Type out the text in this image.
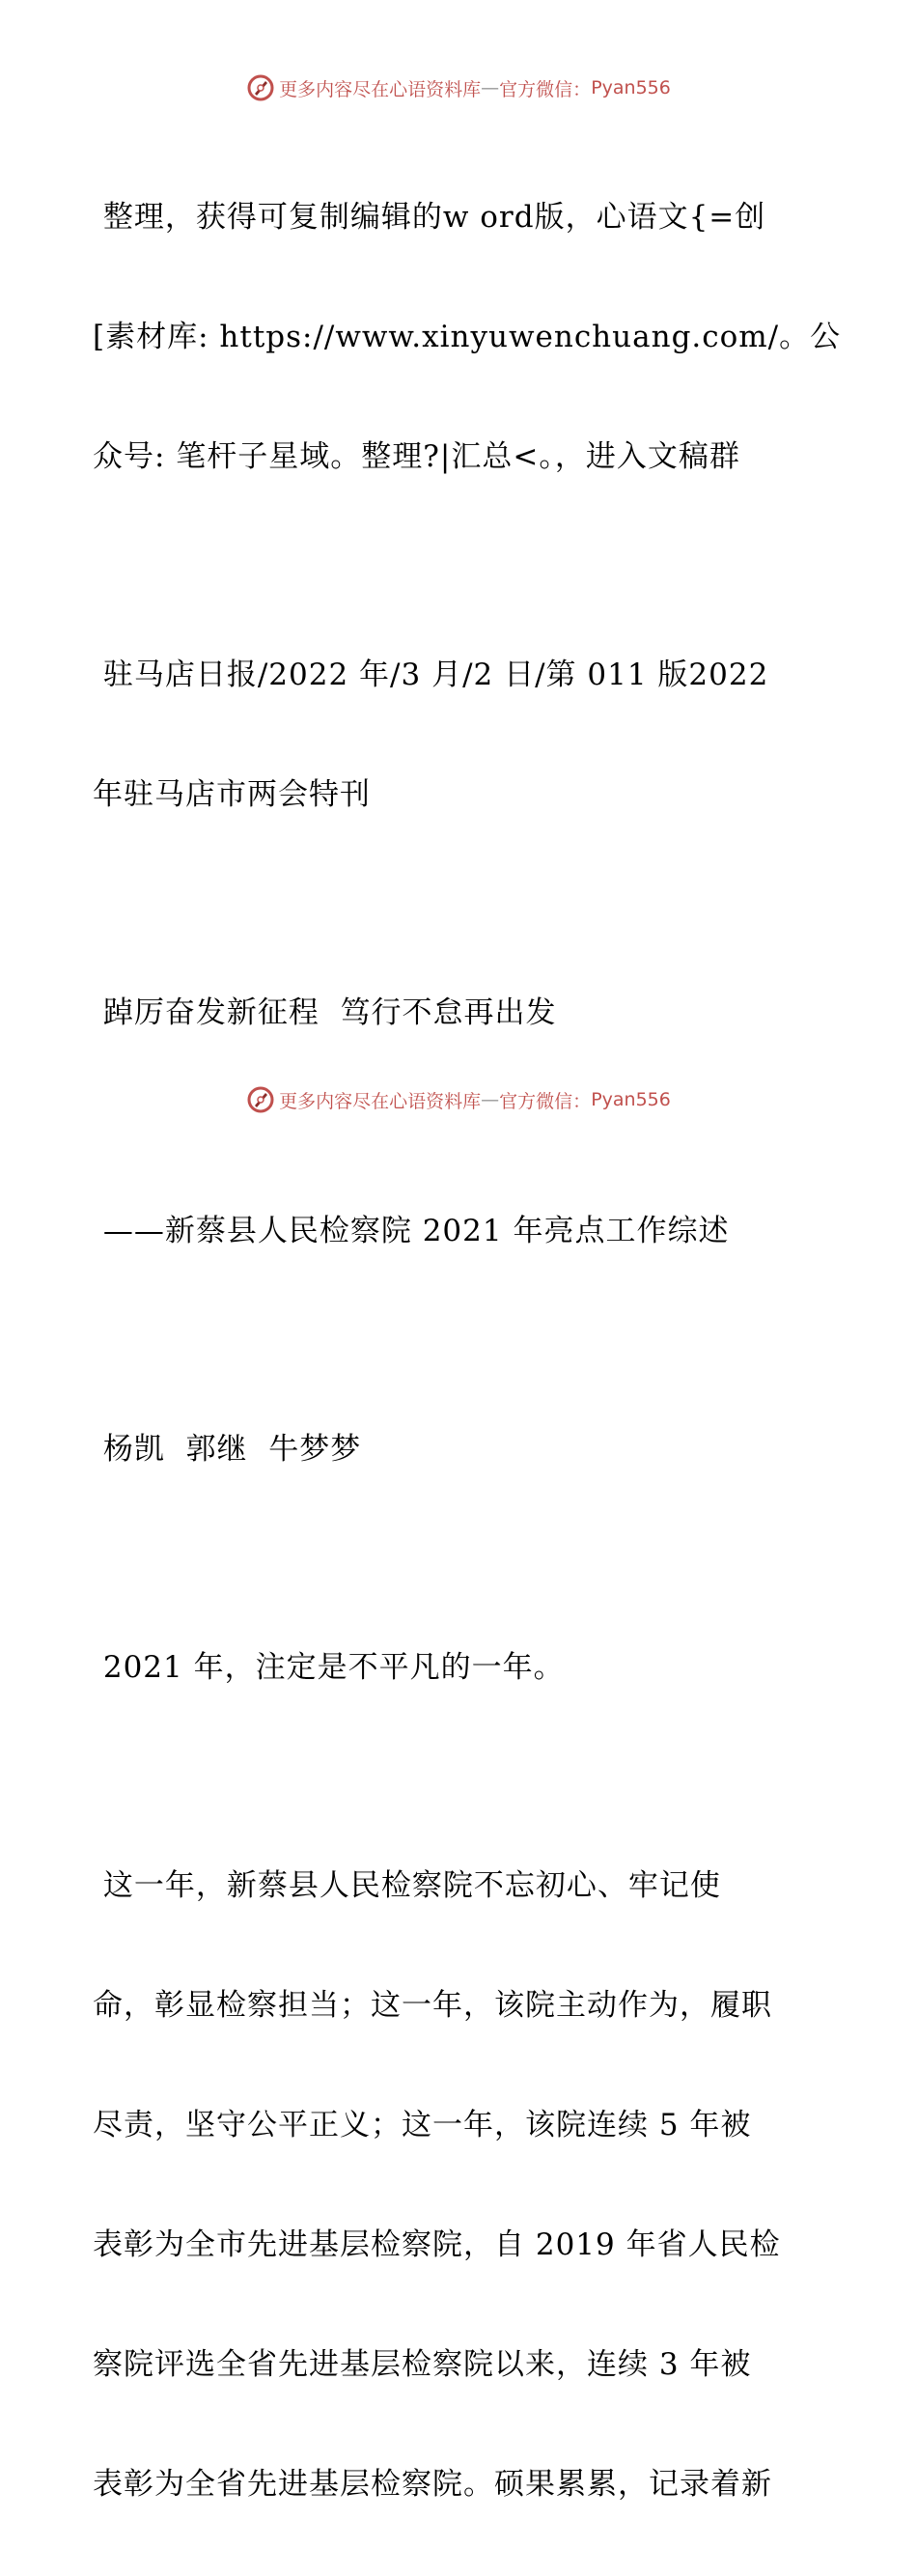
更多内容尽在心语资料库 — 官方微信： Pyan556

整理，获得可复制编辑的w ord版，心语文{=创

[素材库: https://www.xinyuwenchuang.com/。公

众号: 笔杆子星域。整理?|汇总<。，进入文稿群

驻马店日报/2022 年/3 月/2 日/第 011 版2022

年驻马店市两会特刊

踔厉奋发新征程  笃行不怠再出发

——新蔡县人民检察院 2021 年亮点工作综述

杨凯  郭继  牛梦梦

2021 年，注定是不平凡的一年。

这一年，新蔡县人民检察院不忘初心、牢记使

命，彰显检察担当；这一年，该院主动作为，履职

尽责，坚守公平正义；这一年，该院连续 5 年被

表彰为全市先进基层检察院，自 2019 年省人民检

察院评选全省先进基层检察院以来，连续 3 年被

表彰为全省先进基层检察院。硕果累累，记录着新

更多内容尽在心语资料库 — 官方微信： Pyan556
